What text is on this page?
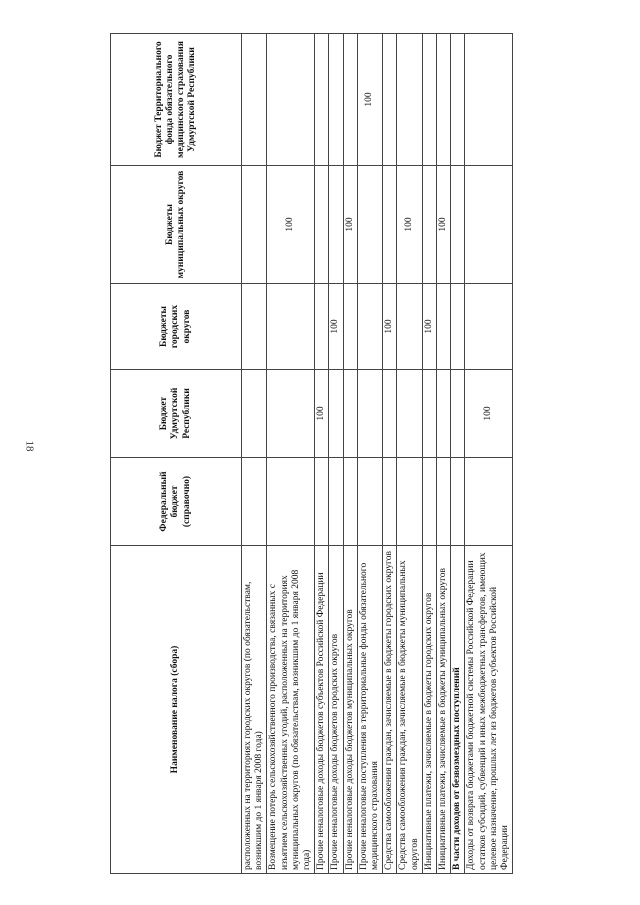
18
Наименование налога (сбора)	Федеральный бюджет (справочно)	Бюджет Удмуртской Республики	Бюджеты городских округов	Бюджеты муниципальных округов	Бюджет Территориального фонда обязательного медицинского страхования Удмуртской Республики
расположенных на территориях городских округов (по обязательствам, возникшим до 1 января 2008 года)					
Возмещение потерь сельскохозяйственного производства, связанных с изъятием сельскохозяйственных угодий, расположенных на территориях муниципальных округов (по обязательствам, возникшим до 1 января 2008 года)				100	
Прочие неналоговые доходы бюджетов субъектов Российской Федерации		100			
Прочие неналоговые доходы бюджетов городских округов			100		
Прочие неналоговые доходы бюджетов муниципальных округов				100	
Прочие неналоговые поступления в территориальные фонды обязательного медицинского страхования					100
Средства самообложения граждан, зачисляемые в бюджеты городских округов			100		
Средства самообложения граждан, зачисляемые в бюджеты муниципальных округов				100	
Инициативные платежи, зачисляемые в бюджеты городских округов			100		
Инициативные платежи, зачисляемые в бюджеты муниципальных округов				100	
В части доходов от безвозмездных поступлений					
Доходы от возврата бюджетами бюджетной системы Российской Федерации остатков субсидий, субвенций и иных межбюджетных трансфертов, имеющих целевое назначение, прошлых лет из бюджетов субъектов Российской Федерации		100			
